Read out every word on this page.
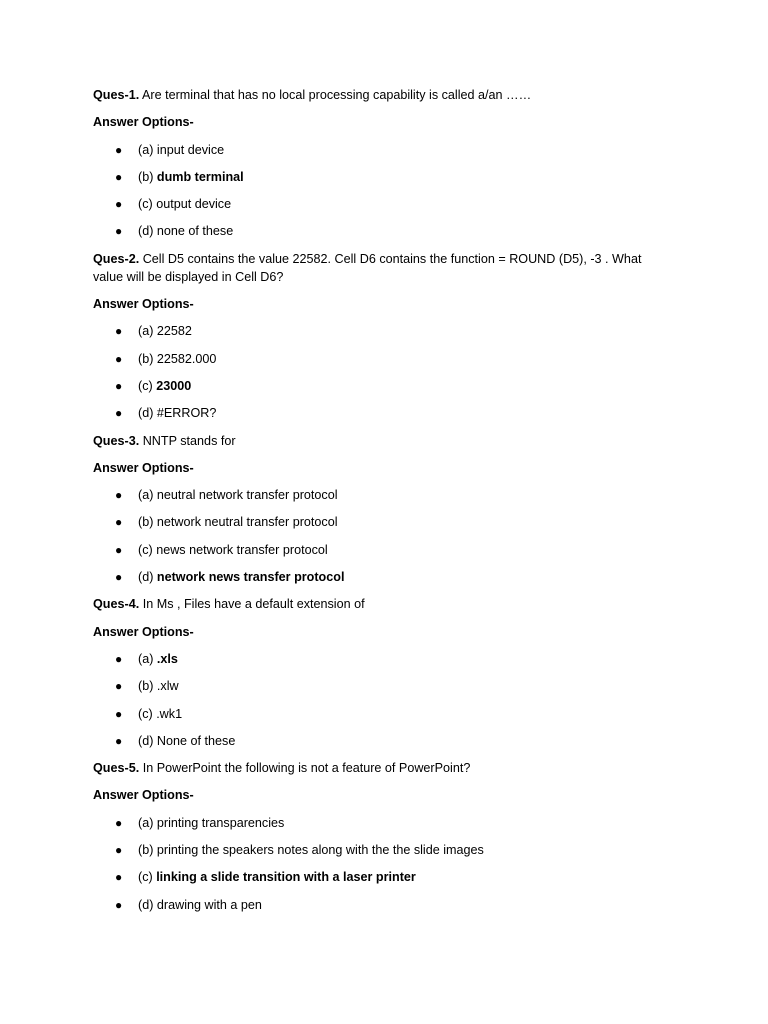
Ques-1. Are terminal that has no local processing capability is called a/an ……

Answer Options-

● (a) input device
● (b) dumb terminal
● (c) output device
● (d) none of these

Ques-2. Cell D5 contains the value 22582. Cell D6 contains the function = ROUND (D5), -3 . What value will be displayed in Cell D6?

Answer Options-

● (a) 22582
● (b) 22582.000
● (c) 23000
● (d) #ERROR?

Ques-3. NNTP stands for

Answer Options-

● (a) neutral network transfer protocol
● (b) network neutral transfer protocol
● (c) news network transfer protocol
● (d) network news transfer protocol

Ques-4. In Ms , Files have a default extension of

Answer Options-

● (a) .xls
● (b) .xlw
● (c) .wk1
● (d) None of these

Ques-5. In PowerPoint the following is not a feature of PowerPoint?

Answer Options-

● (a) printing transparencies
● (b) printing the speakers notes along with the the slide images
● (c) linking a slide transition with a laser printer
● (d) drawing with a pen
